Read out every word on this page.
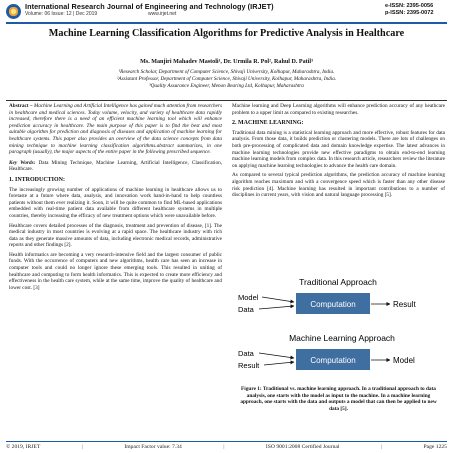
International Research Journal of Engineering and Technology (IRJET)
Volume: 06 Issue: 12 | Dec 2019	www.irjet.net
e-ISSN: 2395-0056
p-ISSN: 2395-0072
Machine Learning Classification Algorithms for Predictive Analysis in Healthcare
Ms. Manjiri Mahadev Mastoli¹, Dr. Urmila R. Pol², Rahul D. Patil³
¹Research Scholar, Department of Computer Science, Shivaji University, Kolhapur, Maharashtra, India.
²Assistant Professor, Department of Computer Science, Shivaji University, Kolhapur, Maharashtra, India.
³Quality Assurance Engineer, Menon Bearing Ltd, Kolhapur, Maharashtra
Abstract – Machine Learning and Artificial Intelligence has gained much attention from researchers in healthcare and medical sciences. Today volume, velocity, and variety of healthcare data rapidly increased, therefore there is a need of an efficient machine learning tool which will enhance prediction accuracy in healthcare. The main purpose of this paper is to find the best and most suitable algorithm for prediction and diagnosis of diseases and application of machine learning for healthcare systems. This paper also provides an overview of the data science concepts from data mining technique to machine learning classification algorithms.abstract summarizes, in one paragraph (usually), the major aspects of the entire paper in the following prescribed sequence.
Key Words: Data Mining Technique, Machine Learning, Artificial Intelligence, Classification, Healthcare.
1. INTRODUCTION:
The increasingly growing number of applications of machine learning in healthcare allows us to foretaste at a future where data, analysis, and innovation work hand-in-hand to help countless patients without them ever realizing it. Soon, it will be quite common to find ML-based applications embedded with real-time patient data available from different healthcare systems in multiple countries, thereby increasing the efficacy of new treatment options which were unavailable before.
Healthcare covers detailed processes of the diagnosis, treatment and prevention of disease, [1]. The medical industry in most countries is evolving at a rapid space. The healthcare industry with rich data as they generate massive amounts of data, including electronic medical records, administrative reports and other findings [2].
Health informatics are becoming a very research-intensive field and the largest consumer of public funds. With the occurrence of computers and new algorithms, health care has seen an increase in computer tools and could no longer ignore these emerging tools. This resulted in uniting of healthcare and computing to form health informatics. This is expected to create more efficiency and effectiveness in the health care system, while at the same time, improve the quality of healthcare and lower cost. [3]
Machine learning and Deep Learning algorithms will enhance prediction accuracy of any heathcare problem to a upper limit as compared to existing researches.
2. MACHINE LEARNING:
Traditional data mining is a statistical learning approach and more effective, robust features for data analysis. From those data, it builds prediction or clustering models. There are lots of challenges on both pre-processing of complicated data and domain knowledge expertise. The latest advances in machine learning technologies provide new effective paradigms to obtain end-to-end learning machine learning models from complex data. In this research article, researchers review the literature on applying machine learning technologies to advance the health care domain.
As compared to several typical prediction algorithms, the prediction accuracy of machine learning algorithm reaches maximum and with a convergence speed which is faster than any other disease risk prediction [4]. Machine learning has resulted in important contributions to a number of disciplines in current years, with vision and natural language processing [5].
Traditional Approach
Model
Data
Computation	Result
Machine Learning Approach
Data
Result
Computation	Model
Figure 1: Traditional vs. machine learning approach. In a traditional approach to data analysis, one starts with the model as input to the machine. In a machine learning approach, one starts with the data and outputs a model that can then be applied to new data [5].
© 2019, IRJET	|	Impact Factor value: 7.34	|	ISO 9001:2008 Certified Journal	|	Page 1225
